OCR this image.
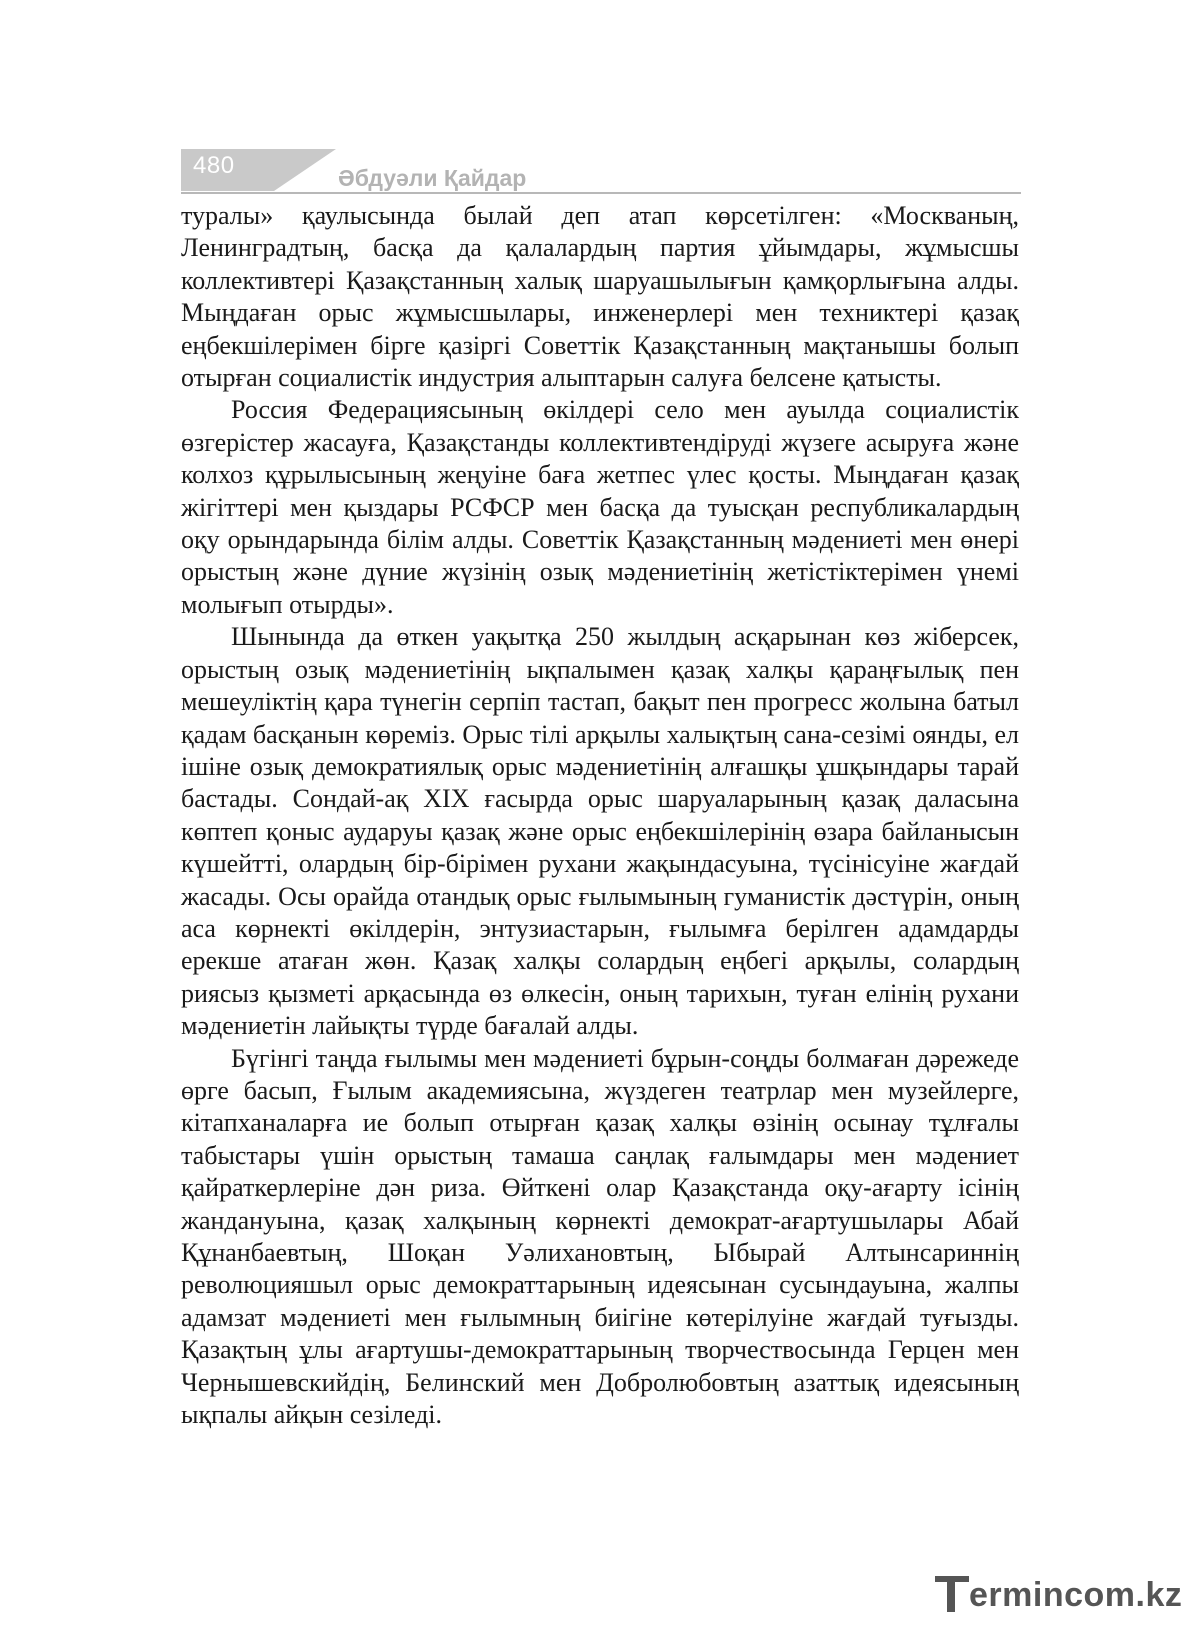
480	Әбдуәли Қайдар

туралы» қаулысында былай деп атап көрсетілген: «Москваның, Ленинградтың, басқа да қалалардың партия ұйымдары, жұмысшы коллективтері Қазақстанның халық шаруашылығын қамқорлығына алды. Мыңдаған орыс жұмысшылары, инженерлері мен техниктері қазақ еңбекшілерімен бірге қазіргі Советтік Қазақстанның мақтанышы болып отырған социалистік индустрия алыптарын салуға белсене қатысты.

Россия Федерациясының өкілдері село мен ауылда социалистік өзгерістер жасауға, Қазақстанды коллективтендіруді жүзеге асыруға және колхоз құрылысының жеңуіне баға жетпес үлес қосты. Мыңдаған қазақ жігіттері мен қыздары РСФСР мен басқа да туысқан республикалардың оқу орындарында білім алды. Советтік Қазақстанның мәдениеті мен өнері орыстың және дүние жүзінің озық мәдениетінің жетістіктерімен үнемі молығып отырды».

Шынында да өткен уақытқа 250 жылдың асқарынан көз жіберсек, орыстың озық мәдениетінің ықпалымен қазақ халқы қараңғылық пен мешеуліктің қара түнегін серпіп тастап, бақыт пен прогресс жолына батыл қадам басқанын көреміз. Орыс тілі арқылы халықтың сана-сезімі оянды, ел ішіне озық демократиялық орыс мәдениетінің алғашқы ұшқындары тарай бастады. Сондай-ақ XIX ғасырда орыс шаруаларының қазақ даласына көптеп қоныс аударуы қазақ және орыс еңбекшілерінің өзара байланысын күшейтті, олардың бір-бірімен рухани жақындасуына, түсінісуіне жағдай жасады. Осы орайда отандық орыс ғылымының гуманистік дәстүрін, оның аса көрнекті өкілдерін, энтузиастарын, ғылымға берілген адамдарды ерекше атаған жөн. Қазақ халқы солардың еңбегі арқылы, солардың риясыз қызметі арқасында өз өлкесін, оның тарихын, туған елінің рухани мәдениетін лайықты түрде бағалай алды.

Бүгінгі таңда ғылымы мен мәдениеті бұрын-соңды болмаған дәрежеде өрге басып, Ғылым академиясына, жүздеген театрлар мен музейлерге, кітапханаларға ие болып отырған қазақ халқы өзінің осынау тұлғалы табыстары үшін орыстың тамаша саңлақ ғалымдары мен мәдениет қайраткерлеріне дән риза. Өйткені олар Қазақстанда оқу-ағарту ісінің жандануына, қазақ халқының көрнекті демократ-ағартушылары Абай Құнанбаевтың, Шоқан Уәлихановтың, Ыбырай Алтынсариннің революцияшыл орыс демократтарының идеясынан сусындауына, жалпы адамзат мәдениеті мен ғылымның биігіне көтерілуіне жағдай туғызды. Қазақтың ұлы ағартушы-демократтарының творчествосында Герцен мен Чернышевскийдің, Белинский мен Добролюбовтың азаттық идеясының ықпалы айқын сезіледі.

ermincom.kz
